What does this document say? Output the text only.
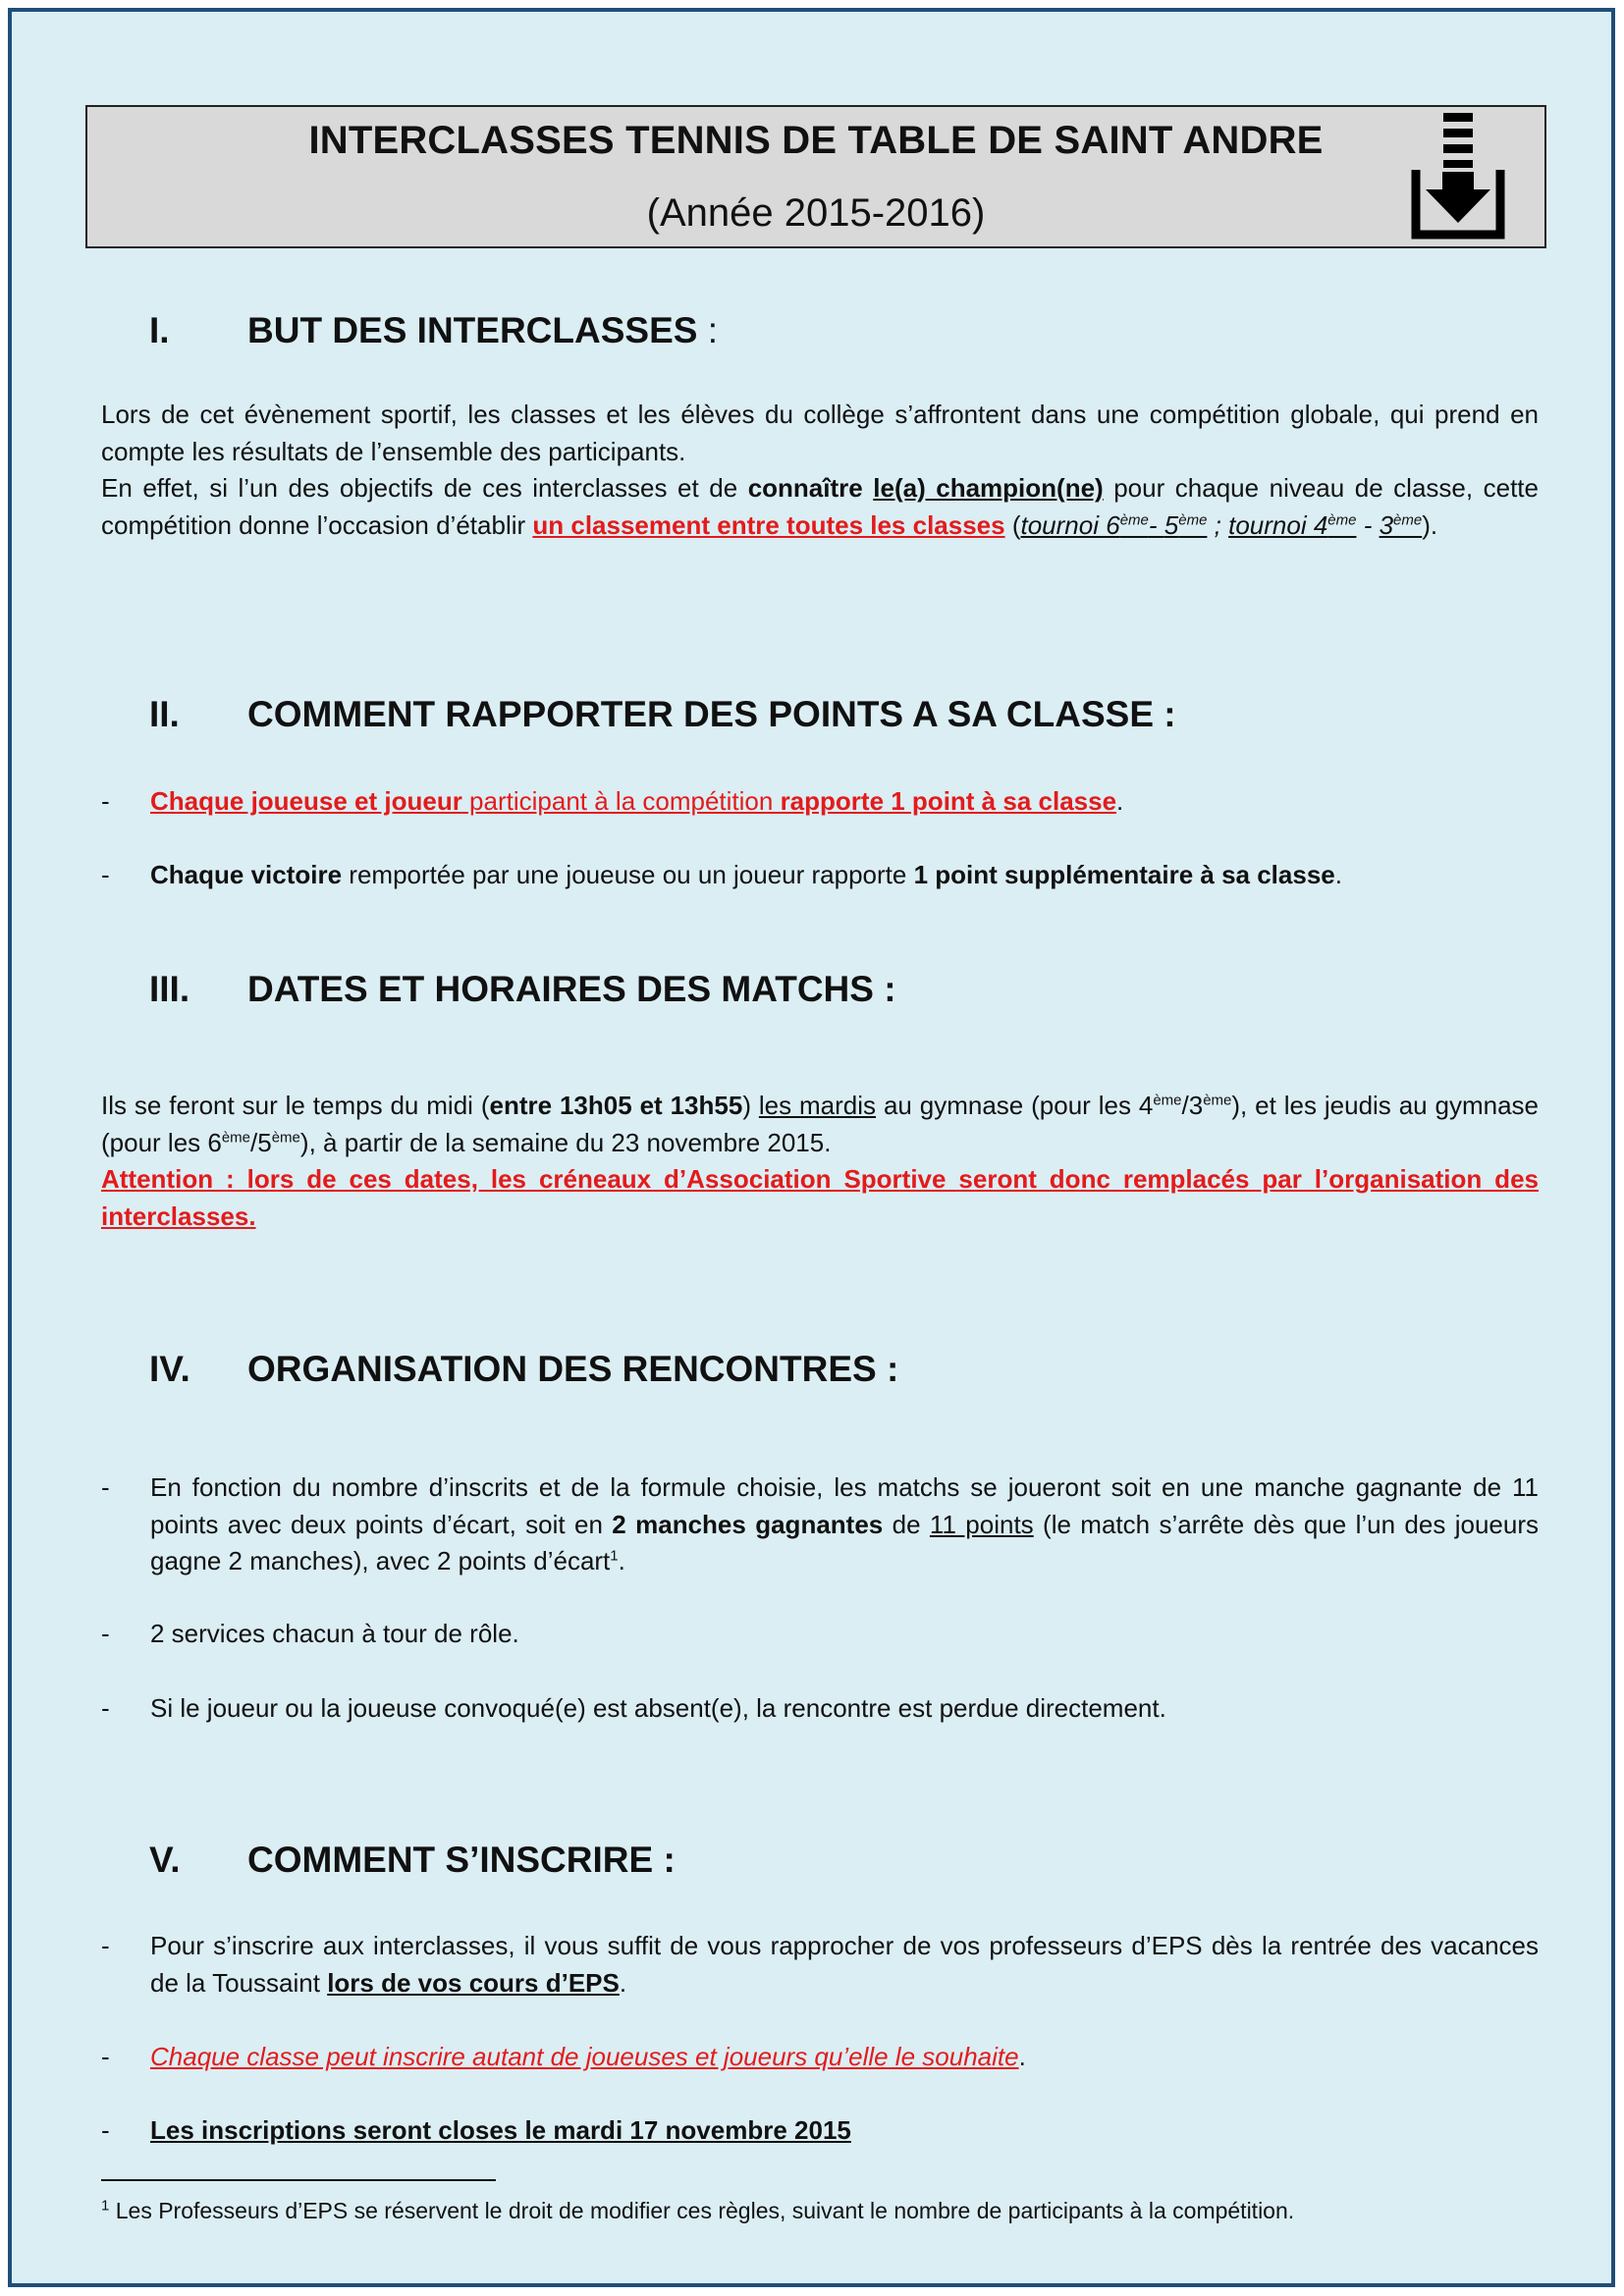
INTERCLASSES TENNIS DE TABLE DE SAINT ANDRE
(Année 2015-2016)
I. BUT DES INTERCLASSES :

Lors de cet évènement sportif, les classes et les élèves du collège s’affrontent dans une compétition globale, qui prend en compte les résultats de l’ensemble des participants.

En effet, si l’un des objectifs de ces interclasses et de connaître le(a) champion(ne) pour chaque niveau de classe, cette compétition donne l’occasion d’établir un classement entre toutes les classes (tournoi 6ème- 5ème ; tournoi 4ème - 3ème).

II. COMMENT RAPPORTER DES POINTS A SA CLASSE :
- Chaque joueuse et joueur participant à la compétition rapporte 1 point à sa classe.
- Chaque victoire remportée par une joueuse ou un joueur rapporte 1 point supplémentaire à sa classe.
III. DATES ET HORAIRES DES MATCHS :

Ils se feront sur le temps du midi (entre 13h05 et 13h55) les mardis au gymnase (pour les 4ème/3ème), et les jeudis au gymnase (pour les 6ème/5ème), à partir de la semaine du 23 novembre 2015.

Attention : lors de ces dates, les créneaux d’Association Sportive seront donc remplacés par l’organisation des interclasses.

IV. ORGANISATION DES RENCONTRES :
- En fonction du nombre d’inscrits et de la formule choisie, les matchs se joueront soit en une manche gagnante de 11 points avec deux points d’écart, soit en 2 manches gagnantes de 11 points (le match s’arrête dès que l’un des joueurs gagne 2 manches), avec 2 points d’écart$^1$.
- 2 services chacun à tour de rôle.
- Si le joueur ou la joueuse convoqué(e) est absent(e), la rencontre est perdue directement.
V. COMMENT S’INSCRIRE :
- Pour s’inscrire aux interclasses, il vous suffit de vous rapprocher de vos professeurs d’EPS dès la rentrée des vacances de la Toussaint lors de vos cours d’EPS.
- Chaque classe peut inscrire autant de joueuses et joueurs qu’elle le souhaite.
- Les inscriptions seront closes le mardi 17 novembre 2015
$^1$ Les Professeurs d’EPS se réservent le droit de modifier ces règles, suivant le nombre de participants à la compétition.
